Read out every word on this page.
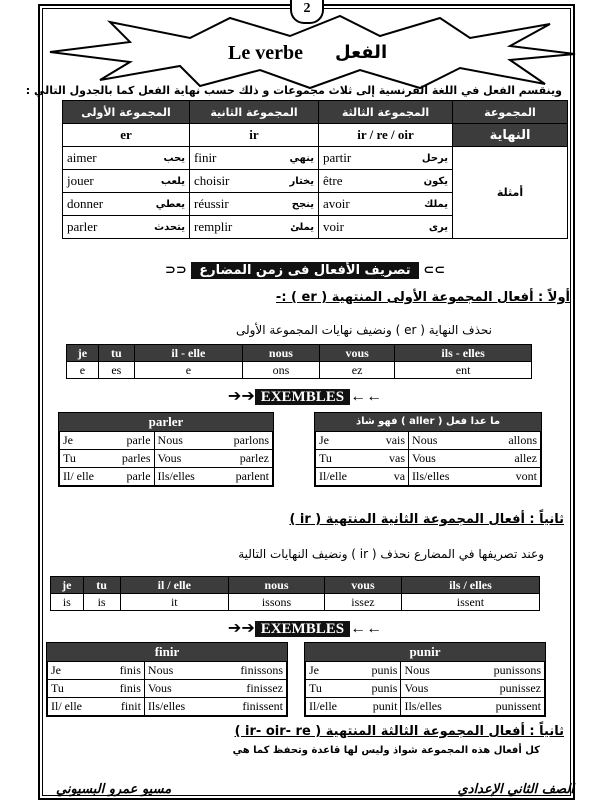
2
Le verbe الفعل
وينقسم الفعل في اللغة الفرنسية إلى ثلاث مجموعات و ذلك حسب نهاية الفعل كما بالجدول التالي :
المجموعة الأولى	المجموعة الثانية	المجموعة الثالثة	المجموعة
er	ir	ir / re / oir	النهاية

aimer يحب	finir ينهي	partir يرحل	أمثلة

jouer يلعب	choisir يختار	être يكون	

donner يعطي	réussir ينجح	avoir يملك	

parler يتحدث	remplir يملئ	voir يرى	
⊃⊃ تصريف الأفعال فى زمن المضارع ⊂⊂
أولاً : أفعال المجموعة الأولى المنتهية ( er ) :-
نحذف النهاية ( er ) ونضيف نهايات المجموعة الأولى
je	tu	il - elle	nous	vous	ils - elles
e	es	e	ons	ez	ent
➔➔ EXEMBLES ←←
parler
Je parle	Nous parlons

Tu parles	Vous parlez

Il/ elle parle	Ils/elles parlent
ما عدا فعل ( aller ) فهو شاذ
Je vais	Nous allons

Tu vas	Vous allez

Il/elle va	Ils/elles vont
ثانياً : أفعال المجموعة الثانية المنتهية ( ir )
وعند تصريفها في المضارع نحذف ( ir ) ونضيف النهايات التالية
je	tu	il / elle	nous	vous	ils / elles
is	is	it	issons	issez	issent
➔➔ EXEMBLES ←←
finir
Je finis	Nous finissons

Tu finis	Vous finissez

Il/ elle finit	Ils/elles finissent
punir
Je punis	Nous punissons

Tu punis	Vous punissez

Il/elle punit	Ils/elles punissent
ثانياً : أفعال المجموعة الثالثة المنتهية ( ir- oir- re )
كل أفعال هذه المجموعة شواذ وليس لها قاعدة وتحفظ كما هي
مسيو عمرو البسيوني	الصف الثاني الإعدادي
